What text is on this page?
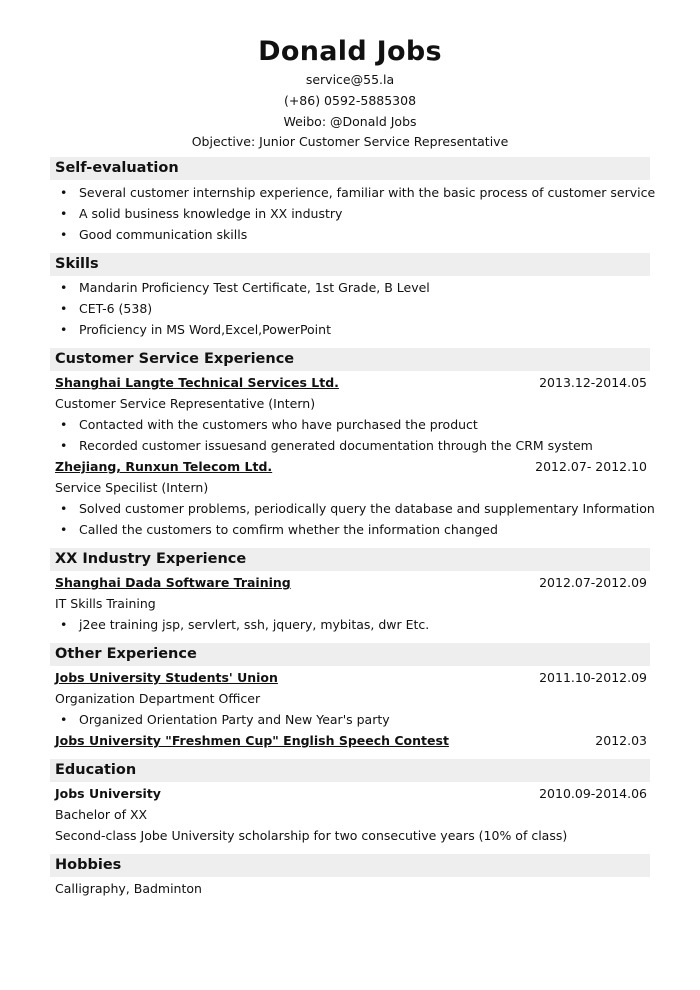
Donald Jobs
service@55.la
(+86) 0592-5885308
Weibo: @Donald Jobs
Objective: Junior Customer Service Representative
Self-evaluation
• Several customer internship experience, familiar with the basic process of customer service
• A solid business knowledge in XX industry
• Good communication skills
Skills
• Mandarin Proficiency Test Certificate, 1st Grade, B Level
• CET-6 (538)
• Proficiency in MS Word,Excel,PowerPoint
Customer Service Experience
Shanghai Langte Technical Services Ltd.	2013.12-2014.05
Customer Service Representative (Intern)
• Contacted with the customers who have purchased the product
• Recorded customer issuesand generated documentation through the CRM system
Zhejiang, Runxun Telecom Ltd.	2012.07- 2012.10
Service Specilist (Intern)
• Solved customer problems, periodically query the database and supplementary Information
• Called the customers to comfirm whether the information changed
XX Industry Experience
Shanghai Dada Software Training	2012.07-2012.09
IT Skills Training
• j2ee training jsp, servlert, ssh, jquery, mybitas, dwr Etc.
Other Experience
Jobs University Students' Union	2011.10-2012.09
Organization Department Officer
• Organized Orientation Party and New Year's party
Jobs University "Freshmen Cup" English Speech Contest	2012.03
Education
Jobs University	2010.09-2014.06
Bachelor of XX
Second-class Jobe University scholarship for two consecutive years (10% of class)
Hobbies
Calligraphy, Badminton
